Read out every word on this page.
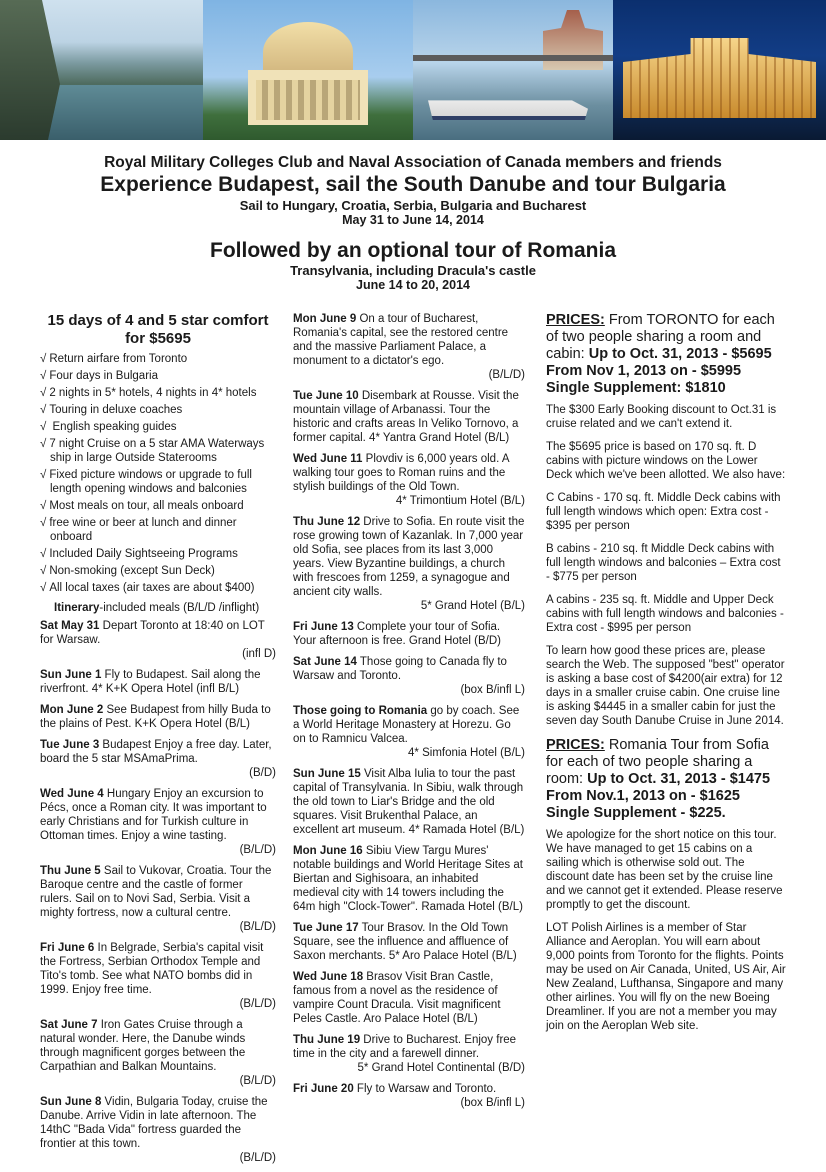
Royal Military Colleges Club and Naval Association of Canada members and friends
Experience Budapest, sail the South Danube and tour Bulgaria
Sail to Hungary, Croatia, Serbia, Bulgaria and Bucharest
May 31 to June 14, 2014
Followed by an optional tour of Romania
Transylvania, including Dracula's castle
June 14 to 20, 2014
15 days of 4 and 5 star comfort for $5695
√ Return airfare from Toronto
√ Four days in Bulgaria
√ 2 nights in 5* hotels, 4 nights in 4* hotels
√ Touring in deluxe coaches
√ English speaking guides
√ 7 night Cruise on a 5 star AMA Waterways ship in large Outside Staterooms
√ Fixed picture windows or upgrade to full length opening windows and balconies
√ Most meals on tour, all meals onboard
√ free wine or beer at lunch and dinner onboard
√ Included Daily Sightseeing Programs
√ Non-smoking (except Sun Deck)
√ All local taxes (air taxes are about $400)
Itinerary-included meals (B/L/D /inflight)
Sat May 31 Depart Toronto at 18:40 on LOT for Warsaw.
(infl D)
Sun June 1 Fly to Budapest. Sail along the riverfront. 4* K+K Opera Hotel (infl B/L)
Mon June 2 See Budapest from hilly Buda to the plains of Pest. K+K Opera Hotel (B/L)
Tue June 3 Budapest Enjoy a free day. Later, board the 5 star MSAmaPrima.
(B/D)
Wed June 4 Hungary Enjoy an excursion to Pécs, once a Roman city. It was important to early Christians and for Turkish culture in Ottoman times. Enjoy a wine tasting.
(B/L/D)
Thu June 5 Sail to Vukovar, Croatia. Tour the Baroque centre and the castle of former rulers. Sail on to Novi Sad, Serbia. Visit a mighty fortress, now a cultural centre.
(B/L/D)
Fri June 6 In Belgrade, Serbia's capital visit the Fortress, Serbian Orthodox Temple and Tito's tomb. See what NATO bombs did in 1999. Enjoy free time.
(B/L/D)
Sat June 7 Iron Gates Cruise through a natural wonder. Here, the Danube winds through magnificent gorges between the Carpathian and Balkan Mountains.
(B/L/D)
Sun June 8 Vidin, Bulgaria Today, cruise the Danube. Arrive Vidin in late afternoon. The 14thC "Bada Vida" fortress guarded the frontier at this town.
(B/L/D)
Mon June 9 On a tour of Bucharest, Romania's capital, see the restored centre and the massive Parliament Palace, a monument to a dictator's ego.
(B/L/D)
Tue June 10 Disembark at Rousse. Visit the mountain village of Arbanassi. Tour the historic and crafts areas In Veliko Tornovo, a former capital. 4* Yantra Grand Hotel (B/L)
Wed June 11 Plovdiv is 6,000 years old. A walking tour goes to Roman ruins and the stylish buildings of the Old Town.
4* Trimontium Hotel (B/L)
Thu June 12 Drive to Sofia. En route visit the rose growing town of Kazanlak. In 7,000 year old Sofia, see places from its last 3,000 years. View Byzantine buildings, a church with frescoes from 1259, a synagogue and ancient city walls.
5* Grand Hotel (B/L)
Fri June 13 Complete your tour of Sofia. Your afternoon is free. Grand Hotel (B/D)
Sat June 14 Those going to Canada fly to Warsaw and Toronto.
(box B/infl L)
Those going to Romania go by coach. See a World Heritage Monastery at Horezu. Go on to Ramnicu Valcea.
4* Simfonia Hotel (B/L)
Sun June 15 Visit Alba Iulia to tour the past capital of Transylvania. In Sibiu, walk through the old town to Liar's Bridge and the old squares. Visit Brukenthal Palace, an excellent art museum. 4* Ramada Hotel (B/L)
Mon June 16 Sibiu View Targu Mures' notable buildings and World Heritage Sites at Biertan and Sighisoara, an inhabited medieval city with 14 towers including the 64m high "Clock-Tower". Ramada Hotel (B/L)
Tue June 17 Tour Brasov. In the Old Town Square, see the influence and affluence of Saxon merchants. 5* Aro Palace Hotel (B/L)
Wed June 18 Brasov Visit Bran Castle, famous from a novel as the residence of vampire Count Dracula. Visit magnificent Peles Castle. Aro Palace Hotel (B/L)
Thu June 19 Drive to Bucharest. Enjoy free time in the city and a farewell dinner.
5* Grand Hotel Continental (B/D)
Fri June 20 Fly to Warsaw and Toronto.
(box B/infl L)
PRICES: From TORONTO for each of two people sharing a room and cabin: Up to Oct. 31, 2013 - $5695
From Nov 1, 2013 on - $5995
Single Supplement: $1810
The $300 Early Booking discount to Oct.31 is cruise related and we can't extend it.
The $5695 price is based on 170 sq. ft. D cabins with picture windows on the Lower Deck which we've been allotted. We also have:
C Cabins - 170 sq. ft. Middle Deck cabins with full length windows which open: Extra cost - $395 per person
B cabins - 210 sq. ft Middle Deck cabins with full length windows and balconies – Extra cost - $775 per person
A cabins - 235 sq. ft. Middle and Upper Deck cabins with full length windows and balconies - Extra cost - $995 per person
To learn how good these prices are, please search the Web. The supposed "best" operator is asking a base cost of $4200(air extra) for 12 days in a smaller cruise cabin. One cruise line is asking $4445 in a smaller cabin for just the seven day South Danube Cruise in June 2014.
PRICES: Romania Tour from Sofia for each of two people sharing a room: Up to Oct. 31, 2013 - $1475
From Nov.1, 2013 on - $1625
Single Supplement - $225.
We apologize for the short notice on this tour. We have managed to get 15 cabins on a sailing which is otherwise sold out. The discount date has been set by the cruise line and we cannot get it extended. Please reserve promptly to get the discount.
LOT Polish Airlines is a member of Star Alliance and Aeroplan. You will earn about 9,000 points from Toronto for the flights. Points may be used on Air Canada, United, US Air, Air New Zealand, Lufthansa, Singapore and many other airlines. You will fly on the new Boeing Dreamliner. If you are not a member you may join on the Aeroplan Web site.
